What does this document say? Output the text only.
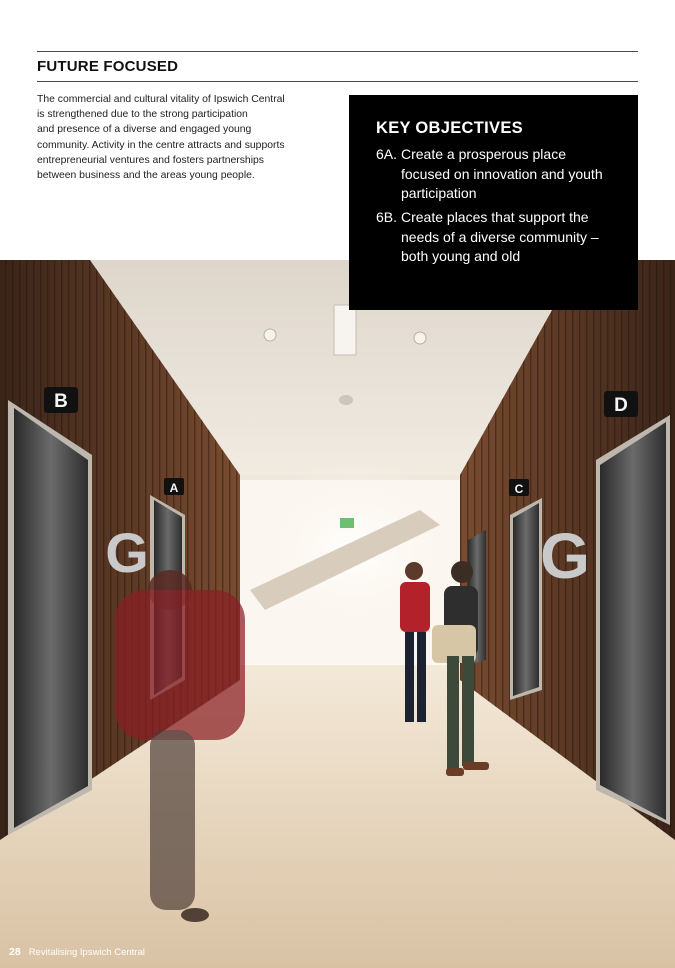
FUTURE FOCUSED
The commercial and cultural vitality of Ipswich Central
is strengthened due to the strong participation
and presence of a diverse and engaged young
community. Activity in the centre attracts and supports
entrepreneurial ventures and fosters partnerships
between business and the areas young people.
B
A	C
D
G	G
KEY OBJECTIVES
6A. Create a prosperous place focused on innovation and youth participation
6B. Create places that support the needs of a diverse community – both young and old
28 Revitalising Ipswich Central
